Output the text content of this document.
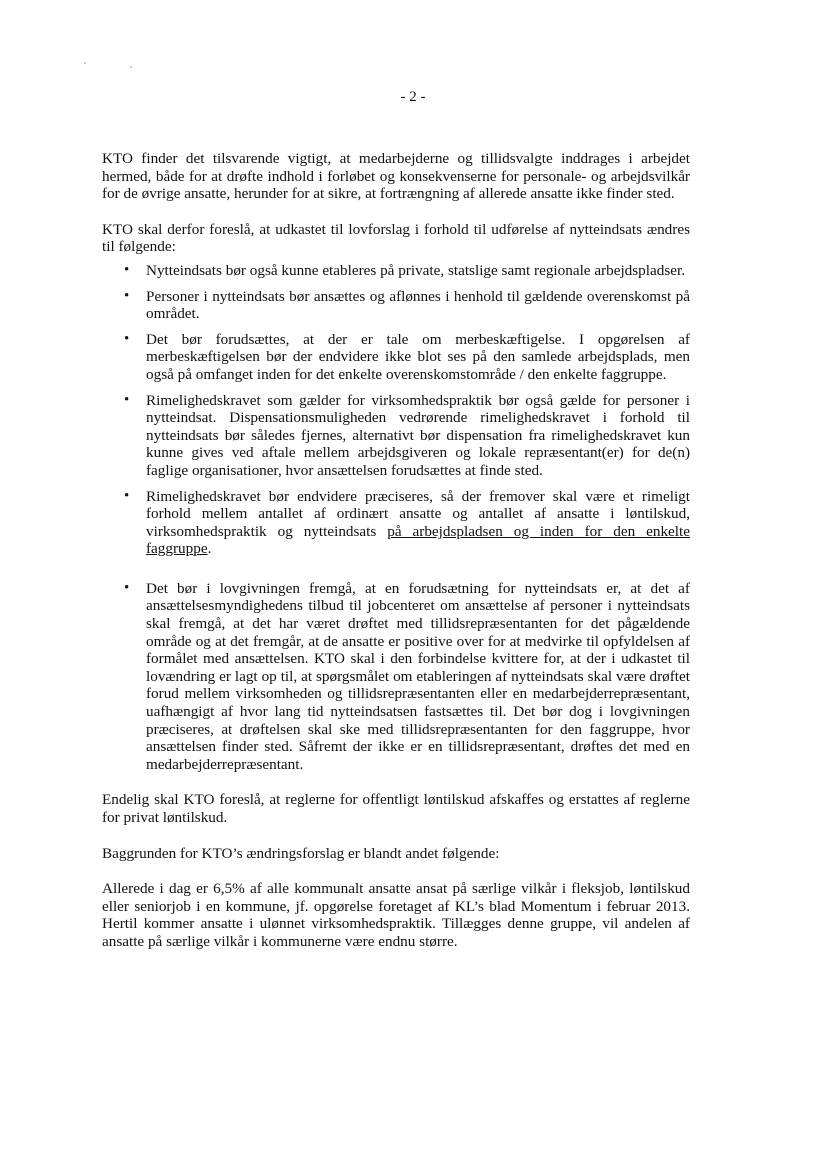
- 2 -

KTO finder det tilsvarende vigtigt, at medarbejderne og tillidsvalgte inddrages i arbejdet hermed, både for at drøfte indhold i forløbet og konsekvenserne for personale- og arbejdsvilkår for de øvrige ansatte, herunder for at sikre, at fortrængning af allerede ansatte ikke finder sted.

KTO skal derfor foreslå, at udkastet til lovforslag i forhold til udførelse af nytteindsats ændres til følgende:

• Nytteindsats bør også kunne etableres på private, statslige samt regionale arbejdspladser.
• Personer i nytteindsats bør ansættes og aflønnes i henhold til gældende overenskomst på området.
• Det bør forudsættes, at der er tale om merbeskæftigelse. I opgørelsen af merbeskæftigelsen bør der endvidere ikke blot ses på den samlede arbejdsplads, men også på omfanget inden for det enkelte overenskomstområde / den enkelte faggruppe.
• Rimelighedskravet som gælder for virksomhedspraktik bør også gælde for personer i nytteindsat. Dispensationsmuligheden vedrørende rimelighedskravet i forhold til nytteindsats bør således fjernes, alternativt bør dispensation fra rimelighedskravet kun kunne gives ved aftale mellem arbejdsgiveren og lokale repræsentant(er) for de(n) faglige organisationer, hvor ansættelsen forudsættes at finde sted.
• Rimelighedskravet bør endvidere præciseres, så der fremover skal være et rimeligt forhold mellem antallet af ordinært ansatte og antallet af ansatte i løntilskud, virksomhedspraktik og nytteindsats på arbejdspladsen og inden for den enkelte faggruppe.
• Det bør i lovgivningen fremgå, at en forudsætning for nytteindsats er, at det af ansættelsesmyndighedens tilbud til jobcenteret om ansættelse af personer i nytteindsats skal fremgå, at det har været drøftet med tillidsrepræsentanten for det pågældende område og at det fremgår, at de ansatte er positive over for at medvirke til opfyldelsen af formålet med ansættelsen. KTO skal i den forbindelse kvittere for, at der i udkastet til lovændring er lagt op til, at spørgsmålet om etableringen af nytteindsats skal være drøftet forud mellem virksomheden og tillidsrepræsentanten eller en medarbejderrepræsentant, uafhængigt af hvor lang tid nytteindsatsen fastsættes til. Det bør dog i lovgivningen præciseres, at drøftelsen skal ske med tillidsrepræsentanten for den faggruppe, hvor ansættelsen finder sted. Såfremt der ikke er en tillidsrepræsentant, drøftes det med en medarbejderrepræsentant.

Endelig skal KTO foreslå, at reglerne for offentligt løntilskud afskaffes og erstattes af reglerne for privat løntilskud.

Baggrunden for KTO’s ændringsforslag er blandt andet følgende:

Allerede i dag er 6,5% af alle kommunalt ansatte ansat på særlige vilkår i fleksjob, løntilskud eller seniorjob i en kommune, jf. opgørelse foretaget af KL’s blad Momentum i februar 2013. Hertil kommer ansatte i ulønnet virksomhedspraktik. Tillægges denne gruppe, vil andelen af ansatte på særlige vilkår i kommunerne være endnu større.
